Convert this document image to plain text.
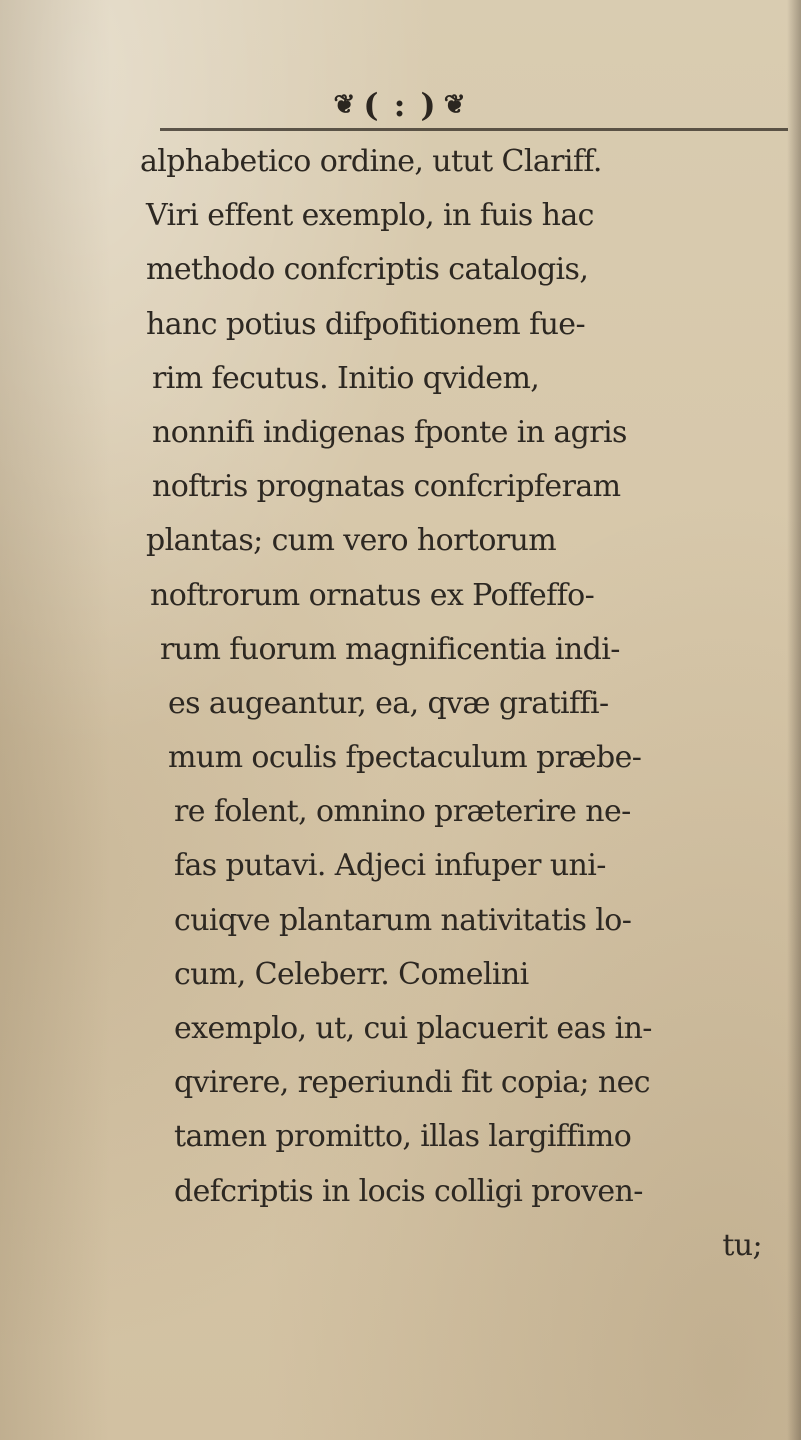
❦ ( : ) ❦
alphabetico ordine, utut Clariff.
Viri effent exemplo, in fuis hac
methodo confcriptis catalogis,
hanc potius difpofitionem fue-
rim fecutus. Initio qvidem,
nonnifi indigenas fponte in agris
noftris prognatas confcripferam
plantas; cum vero hortorum
noftrorum ornatus ex Poffeffo-
rum fuorum magnificentia indi-
es augeantur, ea, qvæ gratiffi-
mum oculis fpectaculum præbe-
re folent, omnino præterire ne-
fas putavi. Adjeci infuper uni-
cuiqve plantarum nativitatis lo-
cum, Celeberr. Comelini
exemplo, ut, cui placuerit eas in-
qvirere, reperiundi fit copia; nec
tamen promitto, illas largiffimo
defcriptis in locis colligi proven-
tu;
